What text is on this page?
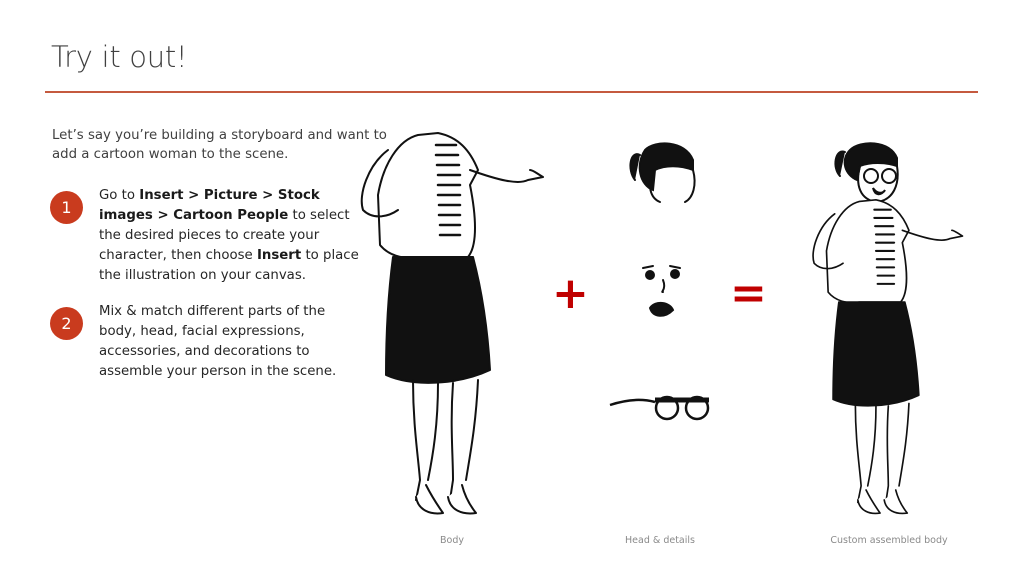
Try it out!
Let’s say you’re building a storyboard and want to add a cartoon woman to the scene.
1
Go to Insert > Picture > Stock images > Cartoon People to select the desired pieces to create your character, then choose Insert to place the illustration on your canvas.
2
Mix & match different parts of the body, head, facial expressions, accessories, and decorations to assemble your person in the scene.
+	=
Body	Head & details	Custom assembled body
